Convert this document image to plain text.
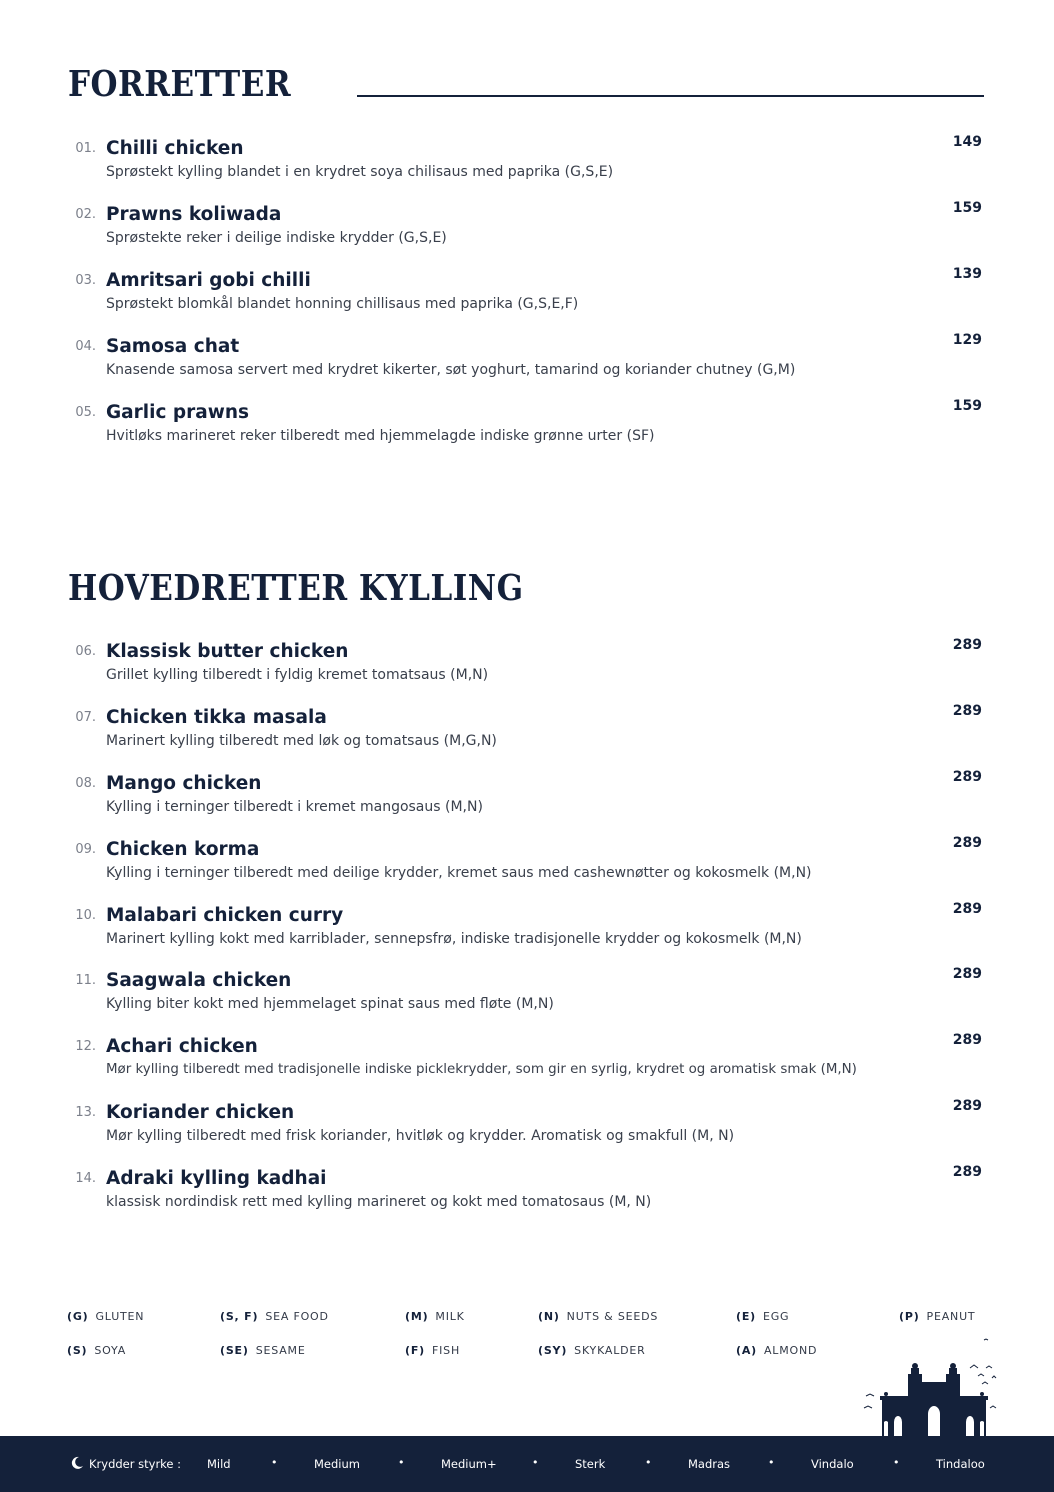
FORRETTER
01. Chilli chicken
Sprøstekt kylling blandet i en krydret soya chilisaus med paprika (G,S,E)
149
02. Prawns koliwada
Sprøstekte reker i deilige indiske krydder (G,S,E)
159
03. Amritsari gobi chilli
Sprøstekt blomkål blandet honning chillisaus med paprika (G,S,E,F)
139
04. Samosa chat
Knasende samosa servert med krydret kikerter, søt yoghurt, tamarind og koriander chutney (G,M)
129
05. Garlic prawns
Hvitløks marineret reker tilberedt med hjemmelagde indiske grønne urter (SF)
159
HOVEDRETTER KYLLING
06. Klassisk butter chicken
Grillet kylling tilberedt i fyldig kremet tomatsaus (M,N)
289
07. Chicken tikka masala
Marinert kylling tilberedt med løk og tomatsaus (M,G,N)
289
08. Mango chicken
Kylling i terninger tilberedt i kremet mangosaus (M,N)
289
09. Chicken korma
Kylling i terninger tilberedt med deilige krydder, kremet saus med cashewnøtter og kokosmelk (M,N)
289
10. Malabari chicken curry
Marinert kylling kokt med karriblader, sennepsfrø, indiske tradisjonelle krydder og kokosmelk (M,N)
289
11. Saagwala chicken
Kylling biter kokt med hjemmelaget spinat saus med fløte (M,N)
289
12. Achari chicken
Mør kylling tilberedt med tradisjonelle indiske picklekrydder, som gir en syrlig, krydret og aromatisk smak (M,N)
289
13. Koriander chicken
Mør kylling tilberedt med frisk koriander, hvitløk og krydder. Aromatisk og smakfull (M, N)
289
14. Adraki kylling kadhai
klassisk nordindisk rett med kylling marineret og kokt med tomatosaus (M, N)
289
(G) GLUTEN	(S, F) SEA FOOD	(M) MILK	(N) NUTS & SEEDS	(E) EGG	(P) PEANUT
(S) SOYA	(SE) SESAME	(F) FISH	(SY) SKYKALDER	(A) ALMOND
Krydder styrke : Mild	•	Medium	•	Medium+	•	Sterk	•	Madras	•	Vindalo	•	Tindaloo
